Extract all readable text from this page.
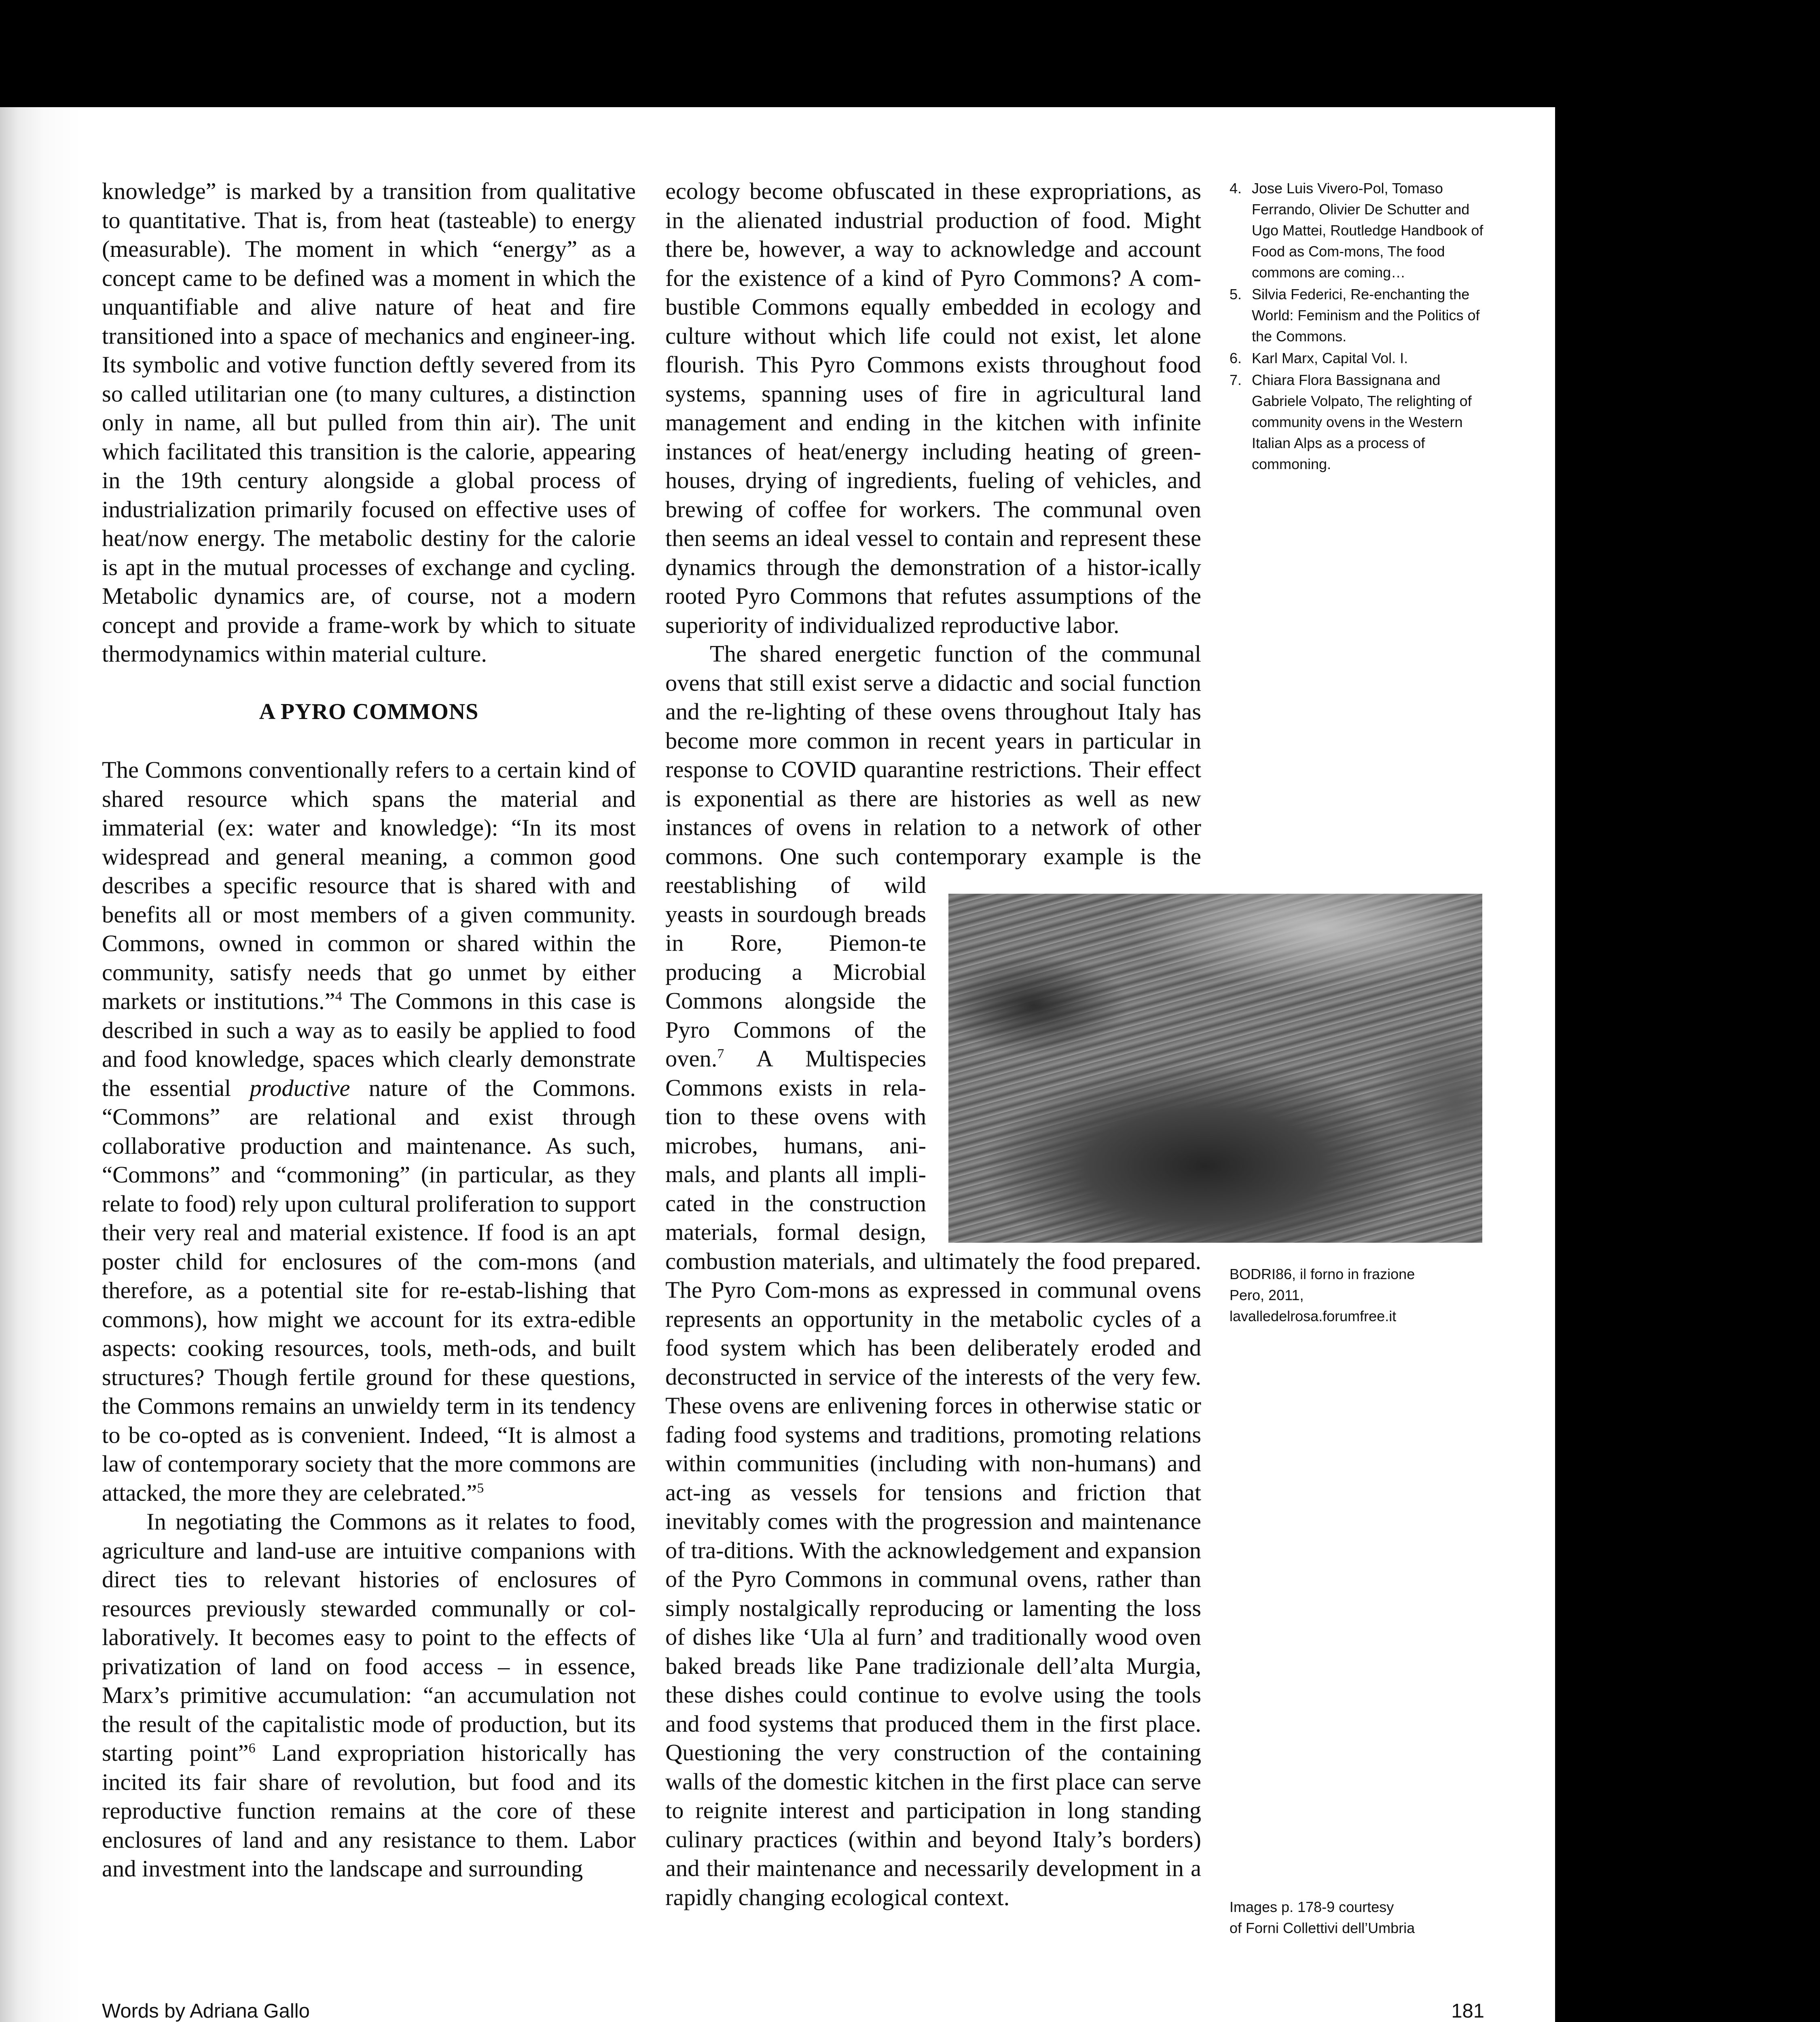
knowledge” is marked by a transition from qualitative to quantitative. That is, from heat (tasteable) to energy (measurable). The moment in which “energy” as a concept came to be defined was a moment in which the unquantifiable and alive nature of heat and fire transitioned into a space of mechanics and engineer-ing. Its symbolic and votive function deftly severed from its so called utilitarian one (to many cultures, a distinction only in name, all but pulled from thin air). The unit which facilitated this transition is the calorie, appearing in the 19th century alongside a global process of industrialization primarily focused on effective uses of heat/now energy. The metabolic destiny for the calorie is apt in the mutual processes of exchange and cycling. Metabolic dynamics are, of course, not a modern concept and provide a frame-work by which to situate thermodynamics within material culture.

A PYRO COMMONS

The Commons conventionally refers to a certain kind of shared resource which spans the material and immaterial (ex: water and knowledge): “In its most widespread and general meaning, a common good describes a specific resource that is shared with and benefits all or most members of a given community. Commons, owned in common or shared within the community, satisfy needs that go unmet by either markets or institutions.”$^4$ The Commons in this case is described in such a way as to easily be applied to food and food knowledge, spaces which clearly demonstrate the essential productive nature of the Commons. “Commons” are relational and exist through collaborative production and maintenance. As such, “Commons” and “commoning” (in particular, as they relate to food) rely upon cultural proliferation to support their very real and material existence. If food is an apt poster child for enclosures of the com-mons (and therefore, as a potential site for re-estab-lishing that commons), how might we account for its extra-edible aspects: cooking resources, tools, meth-ods, and built structures? Though fertile ground for these questions, the Commons remains an unwieldy term in its tendency to be co-opted as is convenient. Indeed, “It is almost a law of contemporary society that the more commons are attacked, the more they are celebrated.”$^5$

In negotiating the Commons as it relates to food, agriculture and land-use are intuitive companions with direct ties to relevant histories of enclosures of resources previously stewarded communally or col-laboratively. It becomes easy to point to the effects of privatization of land on food access – in essence, Marx’s primitive accumulation: “an accumulation not the result of the capitalistic mode of production, but its starting point”$^6$ Land expropriation historically has incited its fair share of revolution, but food and its reproductive function remains at the core of these enclosures of land and any resistance to them. Labor and investment into the landscape and surrounding

ecology become obfuscated in these expropriations, as in the alienated industrial production of food. Might there be, however, a way to acknowledge and account for the existence of a kind of Pyro Commons? A com-bustible Commons equally embedded in ecology and culture without which life could not exist, let alone flourish. This Pyro Commons exists throughout food systems, spanning uses of fire in agricultural land management and ending in the kitchen with infinite instances of heat/energy including heating of green-houses, drying of ingredients, fueling of vehicles, and brewing of coffee for workers. The communal oven then seems an ideal vessel to contain and represent these dynamics through the demonstration of a histor-ically rooted Pyro Commons that refutes assumptions of the superiority of individualized reproductive labor.

The shared energetic function of the communal ovens that still exist serve a didactic and social function and the re-lighting of these ovens throughout Italy has become more common in recent years in particular in response to COVID quarantine restrictions. Their effect is exponential as there are histories as well as new instances of ovens in relation to a network of other commons. One such contemporary example
is the reestablishing of wild yeasts in sourdough breads in Rore, Piemon-te producing a Microbial Commons alongside the Pyro Commons of the oven.$^7$ A Multispecies Commons exists in rela-tion to these ovens with microbes, humans, ani-mals, and plants all impli-cated in the construction materials, formal design, combustion materials, and ultimately the food prepared. The Pyro Com-mons as expressed in communal ovens represents an opportunity in the metabolic cycles of a food system which has been deliberately eroded and deconstructed in service of the interests of the very few. These ovens are enlivening forces in otherwise static or fading food systems and traditions, promoting relations within communities (including with non-humans) and act-ing as vessels for tensions and friction that inevitably comes with the progression and maintenance of tra-ditions. With the acknowledgement and expansion of the Pyro Commons in communal ovens, rather than simply nostalgically reproducing or lamenting the loss of dishes like ‘Ula al furn’ and traditionally wood oven baked breads like Pane tradizionale dell’alta Murgia, these dishes could continue to evolve using the tools and food systems that produced them in the first place. Questioning the very construction of the containing walls of the domestic kitchen in the first place can serve to reignite interest and participation in long standing culinary practices (within and beyond Italy’s borders) and their maintenance and necessarily development in a rapidly changing ecological context.

4. Jose Luis Vivero-Pol, Tomaso Ferrando, Olivier De Schutter and Ugo Mattei, Routledge Handbook of Food as Com-mons, The food commons are coming…
5. Silvia Federici, Re-enchanting the World: Feminism and the Politics of the Commons.
6. Karl Marx, Capital Vol. I.
7. Chiara Flora Bassignana and Gabriele Volpato, The relighting of community ovens in the Western Italian Alps as a process of commoning.
BODRI86, il forno in frazione
Pero, 2011,
lavalledelrosa.forumfree.it
Images p. 178-9 courtesy
of Forni Collettivi dell’Umbria
Words by Adriana Gallo	181
